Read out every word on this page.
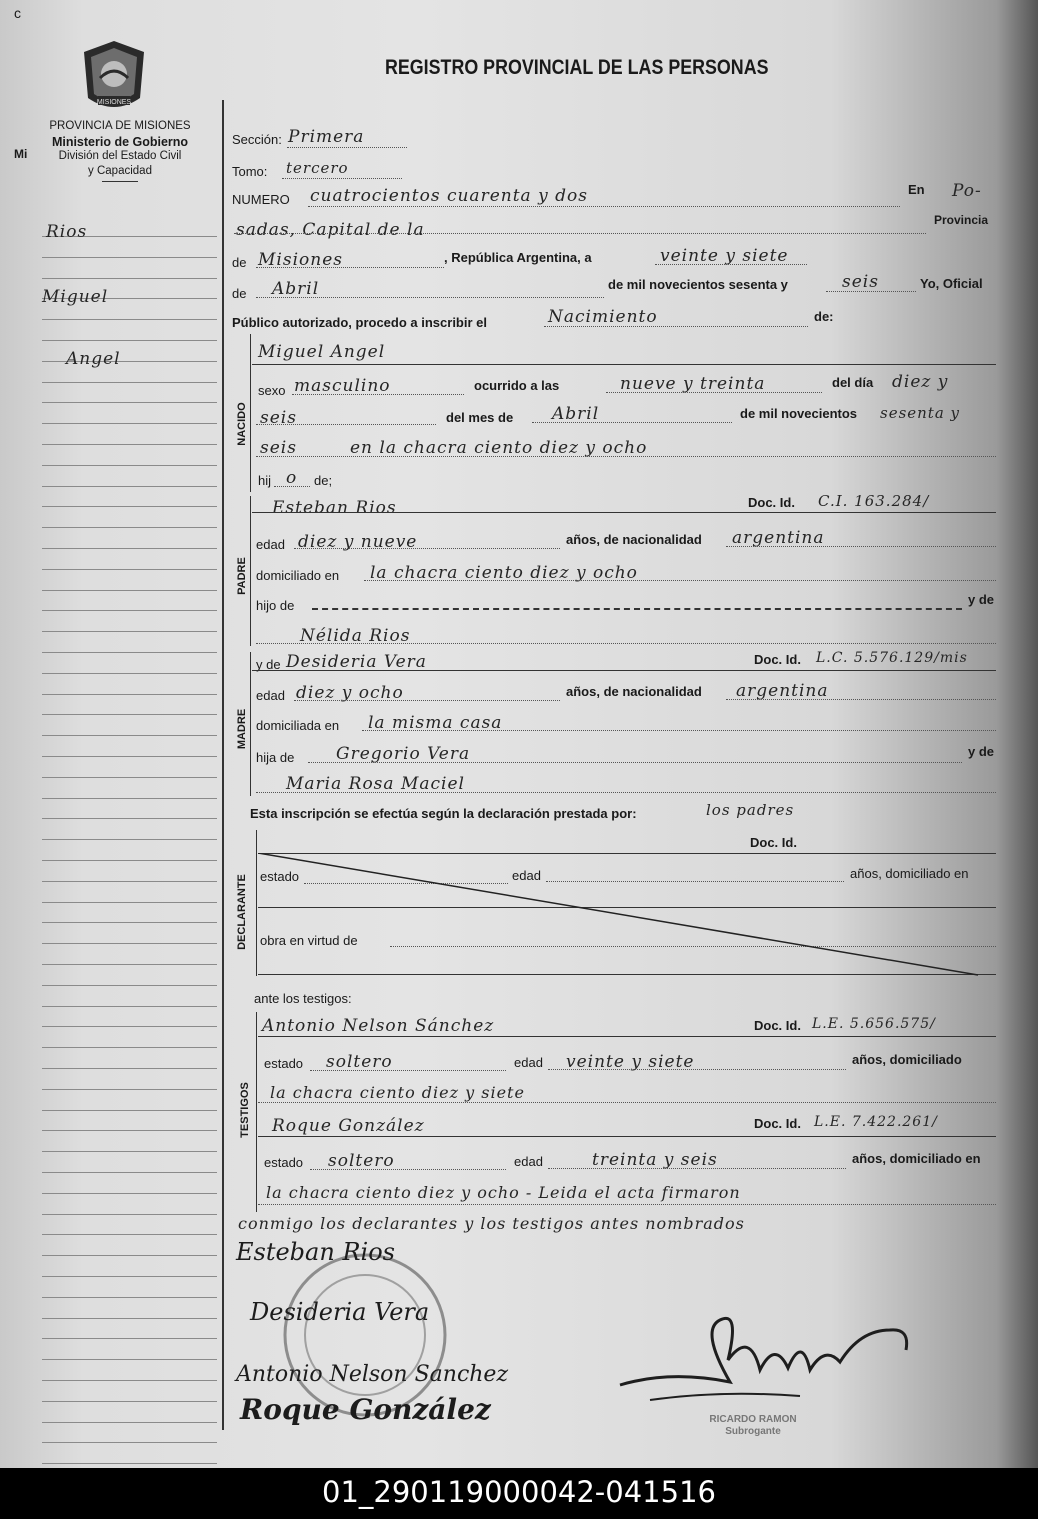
c
Mi
MISIONES
PROVINCIA DE MISIONES
Ministerio de Gobierno
División del Estado Civil
y Capacidad
REGISTRO PROVINCIAL DE LAS PERSONAS
Rios
Miguel
Angel
Sección: Primera
Tomo: tercero
NUMERO cuatrocientos cuarenta y dos	En Po-
sadas, Capital de la	Provincia
de Misiones	, República Argentina, a	veinte y siete
de Abril	de mil novecientos sesenta y	seis	Yo, Oficial
Público autorizado, procedo a inscribir el	Nacimiento	de:
NACIDO
Miguel Angel
sexo masculino	ocurrido a las	nueve y treinta	del día diez y
seis	del mes de Abril	de mil novecientos sesenta y
seis	en la chacra ciento diez y ocho
hij o de;
PADRE
Esteban Rios	Doc. Id. C.I. 163.284/
edad diez y nueve	años, de nacionalidad argentina
domiciliado en la chacra ciento diez y ocho
hijo de	y de
Nélida Rios
MADRE
y de Desideria Vera	Doc. Id. L.C. 5.576.129/mis
edad diez y ocho	años, de nacionalidad argentina
domiciliada en la misma casa
hija de Gregorio Vera	y de
Maria Rosa Maciel
Esta inscripción se efectúa según la declaración prestada por:	los padres
DECLARANTE
Doc. Id.
estado	edad	años, domiciliado en
obra en virtud de
ante los testigos:
TESTIGOS
Antonio Nelson Sánchez	Doc. Id. L.E. 5.656.575/
estado soltero	edad veinte y siete	años, domiciliado
la chacra ciento diez y siete
Roque González	Doc. Id. L.E. 7.422.261/
estado soltero	edad	treinta y seis	años, domiciliado en
la chacra ciento diez y ocho - Leida el acta firmaron
conmigo los declarantes y los testigos antes nombrados
RICARDO RAMON
Subrogante
Esteban Rios
Desideria Vera
Antonio Nelson Sanchez
Roque González
01_290119000042-041516
